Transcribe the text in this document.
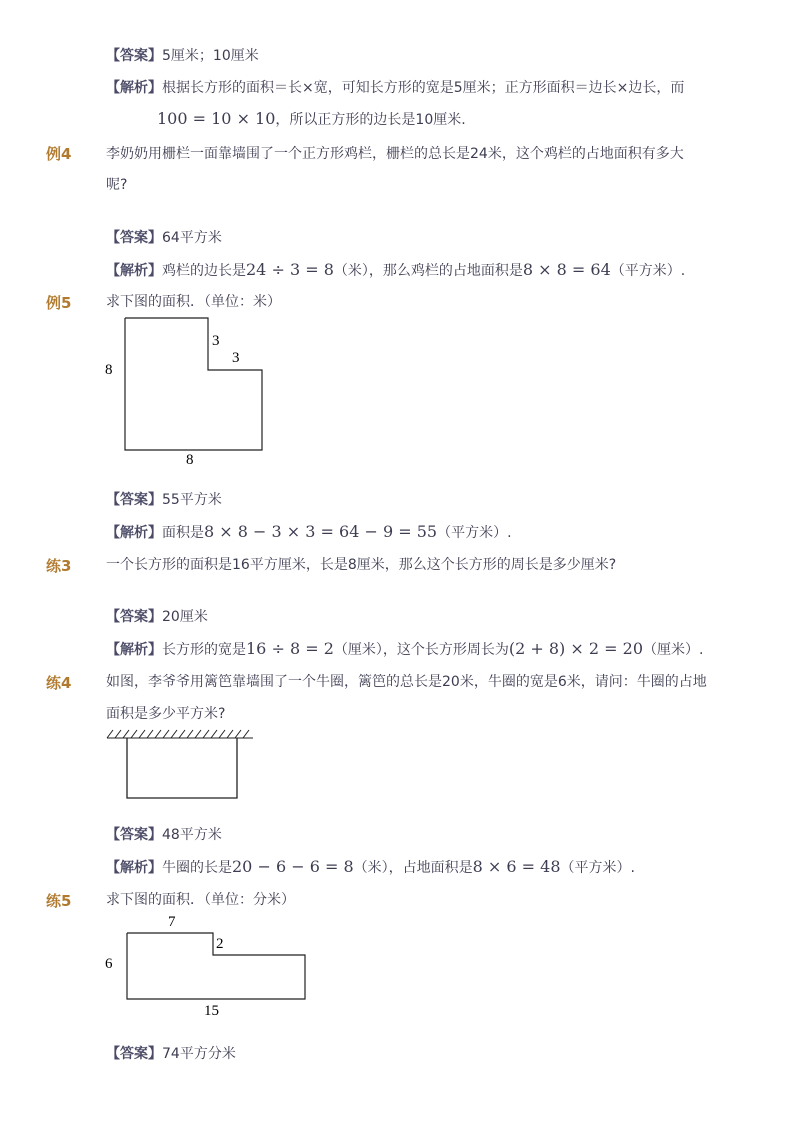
【答案】5厘米；10厘米
【解析】根据长方形的面积＝长×宽，可知长方形的宽是5厘米；正方形面积＝边长×边长，而
100 = 10 × 10，所以正方形的边长是10厘米.
例4 李奶奶用栅栏一面靠墙围了一个正方形鸡栏，栅栏的总长是24米，这个鸡栏的占地面积有多大
呢?
【答案】64平方米
【解析】鸡栏的边长是24 ÷ 3 = 8（米），那么鸡栏的占地面积是8 × 8 = 64（平方米）.
例5 求下图的面积．（单位：米）
8
8
3
3
【答案】55平方米
【解析】面积是8 × 8 − 3 × 3 = 64 − 9 = 55（平方米）.
练3 一个长方形的面积是16平方厘米，长是8厘米，那么这个长方形的周长是多少厘米?
【答案】20厘米
【解析】长方形的宽是16 ÷ 8 = 2（厘米），这个长方形周长为(2 + 8) × 2 = 20（厘米）.
练4 如图，李爷爷用篱笆靠墙围了一个牛圈，篱笆的总长是20米，牛圈的宽是6米，请问：牛圈的占地
面积是多少平方米?
【答案】48平方米
【解析】牛圈的长是20 − 6 − 6 = 8（米），占地面积是8 × 6 = 48（平方米）.
练5 求下图的面积．（单位：分米）
7
2
6
15
【答案】74平方分米
